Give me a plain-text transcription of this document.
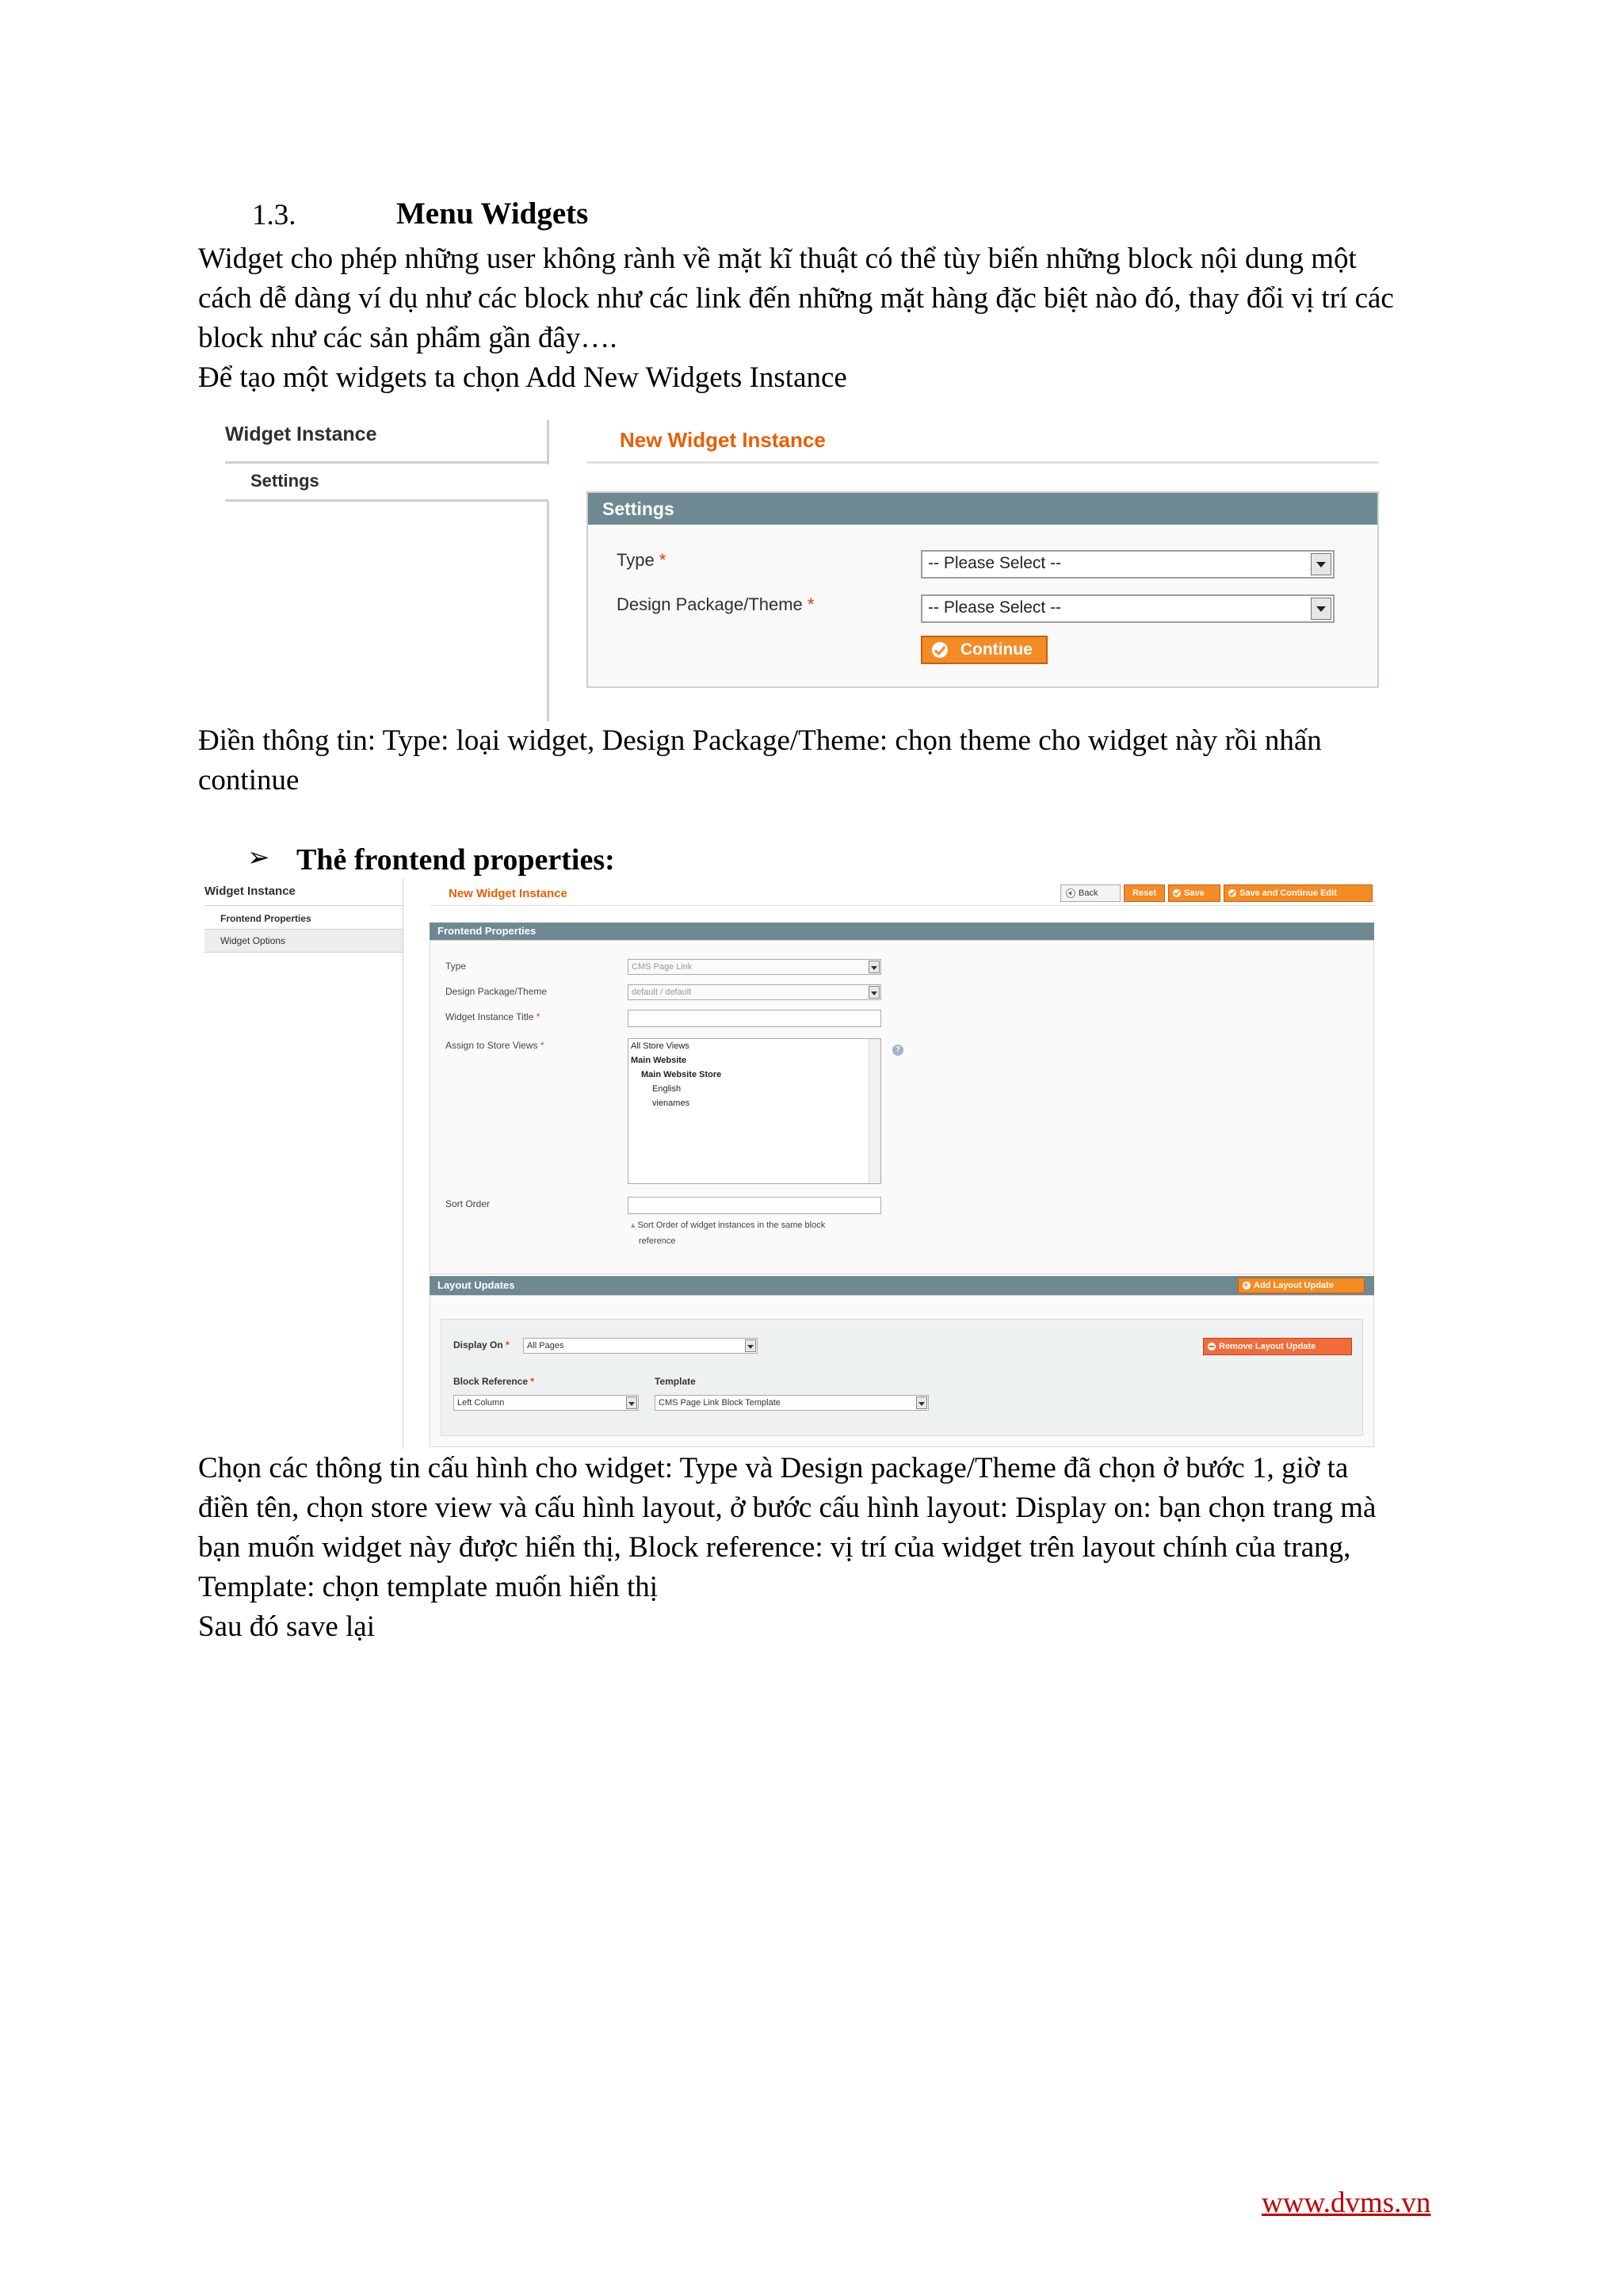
1.3.	Menu Widgets
Widget cho phép những user không rành về mặt kĩ thuật có thể tùy biến những block nội dung một
cách dễ dàng ví dụ như các block như các link đến những mặt hàng đặc biệt nào đó, thay đổi vị trí các
block như các sản phẩm gần đây….
Để tạo một widgets ta chọn Add New Widgets Instance
Widget Instance
Settings
New Widget Instance
Settings
Type *	-- Please Select --
Design Package/Theme *	-- Please Select --
Continue
Điền thông tin: Type: loại widget, Design Package/Theme: chọn theme cho widget này rồi nhấn
continue
➢ Thẻ frontend properties:
Widget Instance
Frontend Properties
Widget Options
New Widget Instance	Back	Reset	Save	Save and Continue Edit
Frontend Properties
Type	CMS Page Link
Design Package/Theme	default / default
Widget Instance Title *
Assign to Store Views *	All Store Views
Main Website
Main Website Store
English
vienames
?
Sort Order
▴ Sort Order of widget instances in the same block
reference
Layout Updates
+	Add Layout Update
Display On *	All Pages	Remove Layout Update
Block Reference *	Template
Left Column	CMS Page Link Block Template
Chọn các thông tin cấu hình cho widget: Type và Design package/Theme đã chọn ở bước 1, giờ ta
điền tên, chọn store view và cấu hình layout, ở bước cấu hình layout: Display on: bạn chọn trang mà
bạn muốn widget này được hiển thị, Block reference: vị trí của widget trên layout chính của trang,
Template: chọn template muốn hiển thị
Sau đó save lại
www.dvms.vn
